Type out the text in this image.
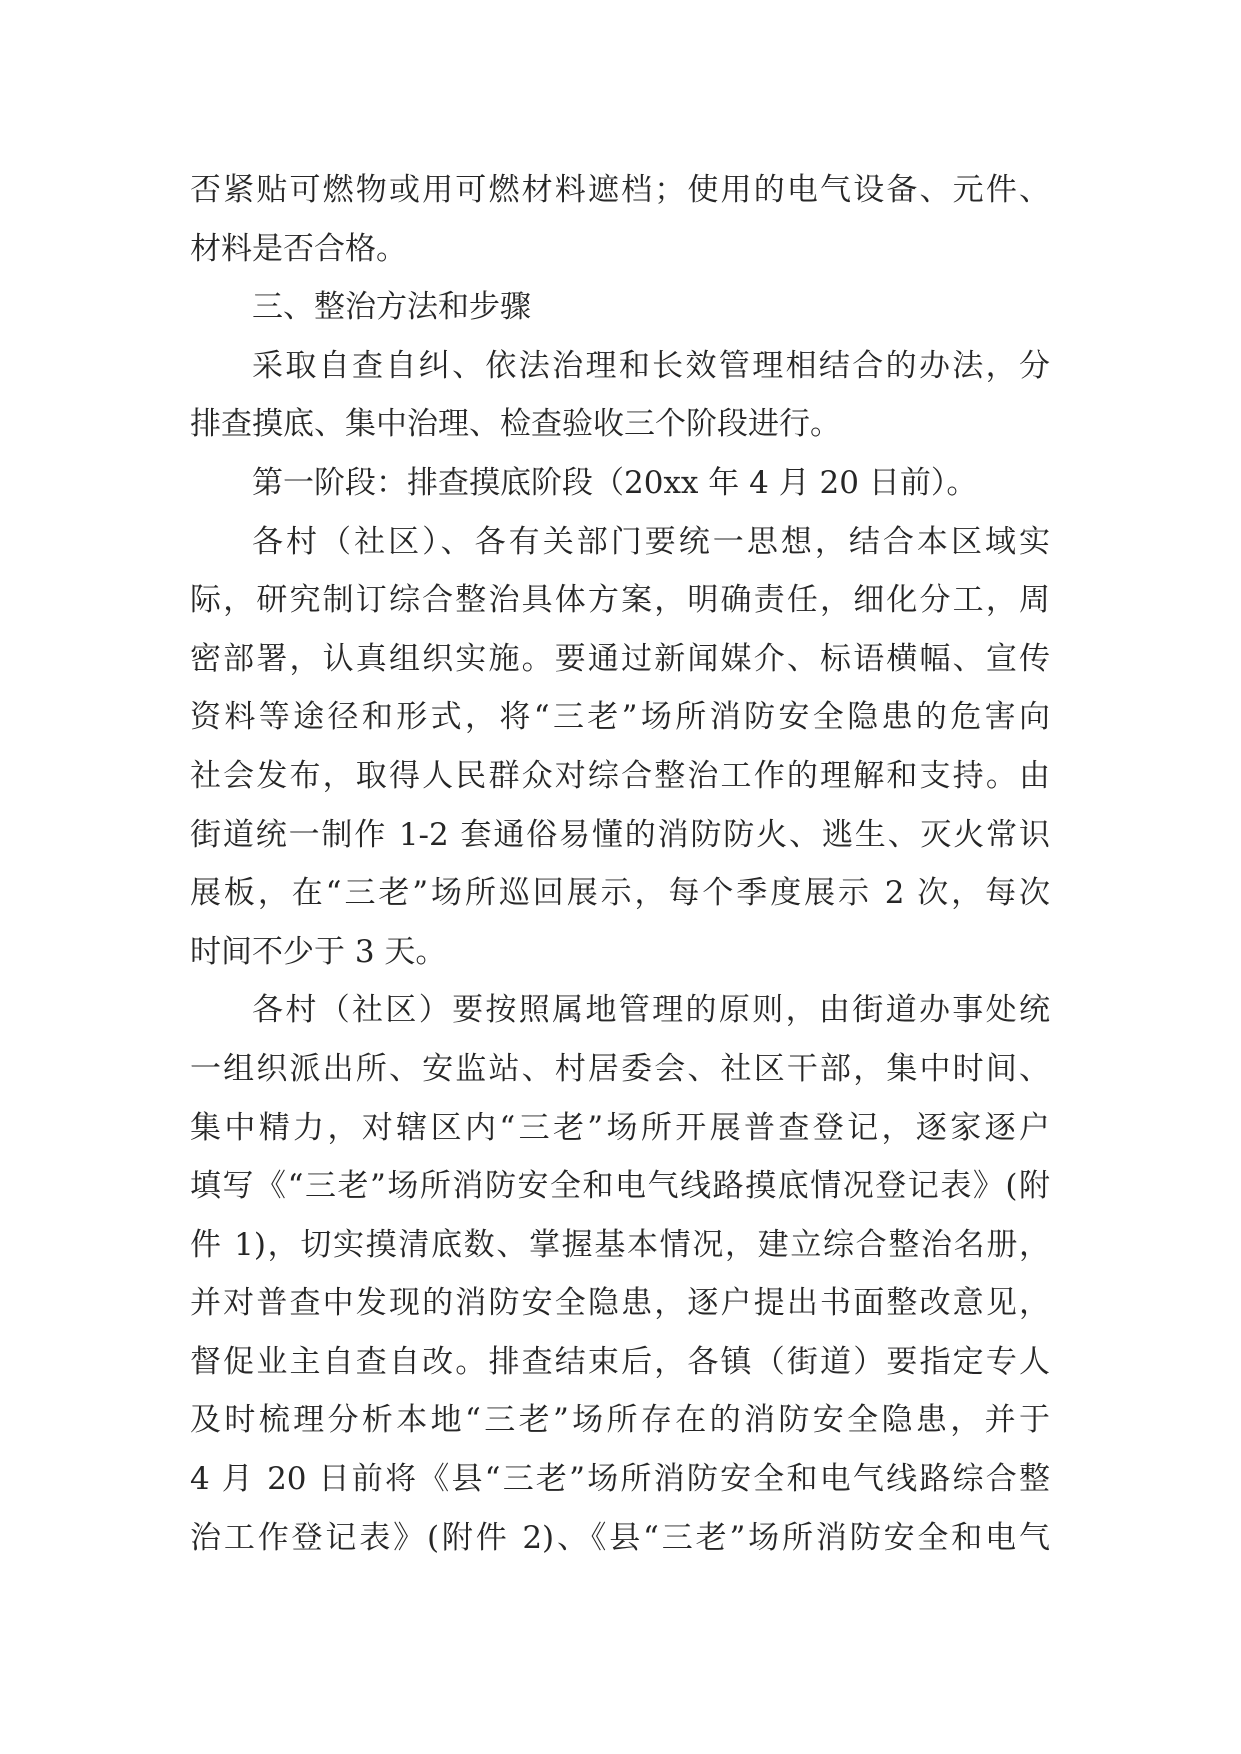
否紧贴可燃物或用可燃材料遮档；使用的电气设备、元件、
材料是否合格。
三、整治方法和步骤
采取自查自纠、依法治理和长效管理相结合的办法，分
排查摸底、集中治理、检查验收三个阶段进行。
第一阶段：排查摸底阶段（20xx 年 4 月 20 日前）。
各村（社区）、各有关部门要统一思想，结合本区域实
际，研究制订综合整治具体方案，明确责任，细化分工，周
密部署，认真组织实施。要通过新闻媒介、标语横幅、宣传
资料等途径和形式，将“三老”场所消防安全隐患的危害向
社会发布，取得人民群众对综合整治工作的理解和支持。由
街道统一制作 1-2 套通俗易懂的消防防火、逃生、灭火常识
展板，在“三老”场所巡回展示，每个季度展示 2 次，每次
时间不少于 3 天。
各村（社区）要按照属地管理的原则，由街道办事处统
一组织派出所、安监站、村居委会、社区干部，集中时间、
集中精力，对辖区内“三老”场所开展普查登记，逐家逐户
填写《“三老”场所消防安全和电气线路摸底情况登记表》(附
件 1)，切实摸清底数、掌握基本情况，建立综合整治名册，
并对普查中发现的消防安全隐患，逐户提出书面整改意见，
督促业主自查自改。排查结束后，各镇（街道）要指定专人
及时梳理分析本地“三老”场所存在的消防安全隐患，并于
4 月 20 日前将《县“三老”场所消防安全和电气线路综合整
治工作登记表》(附件 2)、《县“三老”场所消防安全和电气
